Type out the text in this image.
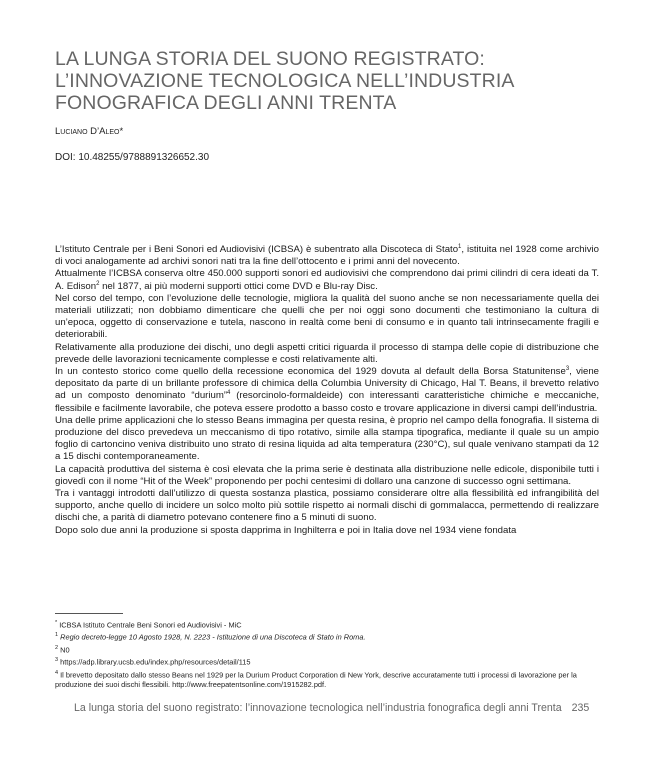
LA LUNGA STORIA DEL SUONO REGISTRATO:
L’INNOVAZIONE TECNOLOGICA NELL’INDUSTRIA
FONOGRAFICA DEGLI ANNI TRENTA
Luciano D’Aleo*
DOI: 10.48255/9788891326652.30

L’Istituto Centrale per i Beni Sonori ed Audiovisivi (ICBSA) è subentrato alla Discoteca di Stato$^1$, istituita nel 1928 come archivio di voci analogamente ad archivi sonori nati tra la fine dell’ottocento e i primi anni del novecento.

Attualmente l’ICBSA conserva oltre 450.000 supporti sonori ed audiovisivi che comprendono dai primi cilindri di cera ideati da T. A. Edison$^2$ nel 1877, ai più moderni supporti ottici come DVD e Blu-ray Disc.

Nel corso del tempo, con l’evoluzione delle tecnologie, migliora la qualità del suono anche se non necessariamente quella dei materiali utilizzati; non dobbiamo dimenticare che quelli che per noi oggi sono documenti che testimoniano la cultura di un’epoca, oggetto di conservazione e tutela, nascono in realtà come beni di consumo e in quanto tali intrinsecamente fragili e deteriorabili.

Relativamente alla produzione dei dischi, uno degli aspetti critici riguarda il processo di stampa delle copie di distribuzione che prevede delle lavorazioni tecnicamente complesse e costi relativamente alti.

In un contesto storico come quello della recessione economica del 1929 dovuta al default della Borsa Statunitense$^3$, viene depositato da parte di un brillante professore di chimica della Columbia University di Chicago, Hal T. Beans, il brevetto relativo ad un composto denominato “durium”$^4$ (resorcinolo-formaldeide) con interessanti caratteristiche chimiche e meccaniche, flessibile e facilmente lavorabile, che poteva essere prodotto a basso costo e trovare applicazione in diversi campi dell’industria.

Una delle prime applicazioni che lo stesso Beans immagina per questa resina, è proprio nel campo della fonografia. Il sistema di produzione del disco prevedeva un meccanismo di tipo rotativo, simile alla stampa tipografica, mediante il quale su un ampio foglio di cartoncino veniva distribuito uno strato di resina liquida ad alta temperatura (230°C), sul quale venivano stampati da 12 a 15 dischi contemporaneamente.

La capacità produttiva del sistema è così elevata che la prima serie è destinata alla distribuzione nelle edicole, disponibile tutti i giovedì con il nome “Hit of the Week” proponendo per pochi centesimi di dollaro una canzone di successo ogni settimana.

Tra i vantaggi introdotti dall’utilizzo di questa sostanza plastica, possiamo considerare oltre alla flessibilità ed infrangibilità del supporto, anche quello di incidere un solco molto più sottile rispetto ai normali dischi di gommalacca, permettendo di realizzare dischi che, a parità di diametro potevano contenere fino a 5 minuti di suono.

Dopo solo due anni la produzione si sposta dapprima in Inghilterra e poi in Italia dove nel 1934 viene fondata

* ICBSA Istituto Centrale Beni Sonori ed Audiovisivi - MiC
$^1$ Regio decreto-legge 10 Agosto 1928, N. 2223 - Istituzione di una Discoteca di Stato in Roma.
$^2$ N0
$^3$ https://adp.library.ucsb.edu/index.php/resources/detail/115
$^4$ Il brevetto depositato dallo stesso Beans nel 1929 per la Durium Product Corporation di New York, descrive accuratamente tutti i processi di lavorazione per la produzione dei suoi dischi flessibili. http://www.freepatentsonline.com/1915282.pdf.
La lunga storia del suono registrato: l’innovazione tecnologica nell’industria fonografica degli anni Trenta 235
